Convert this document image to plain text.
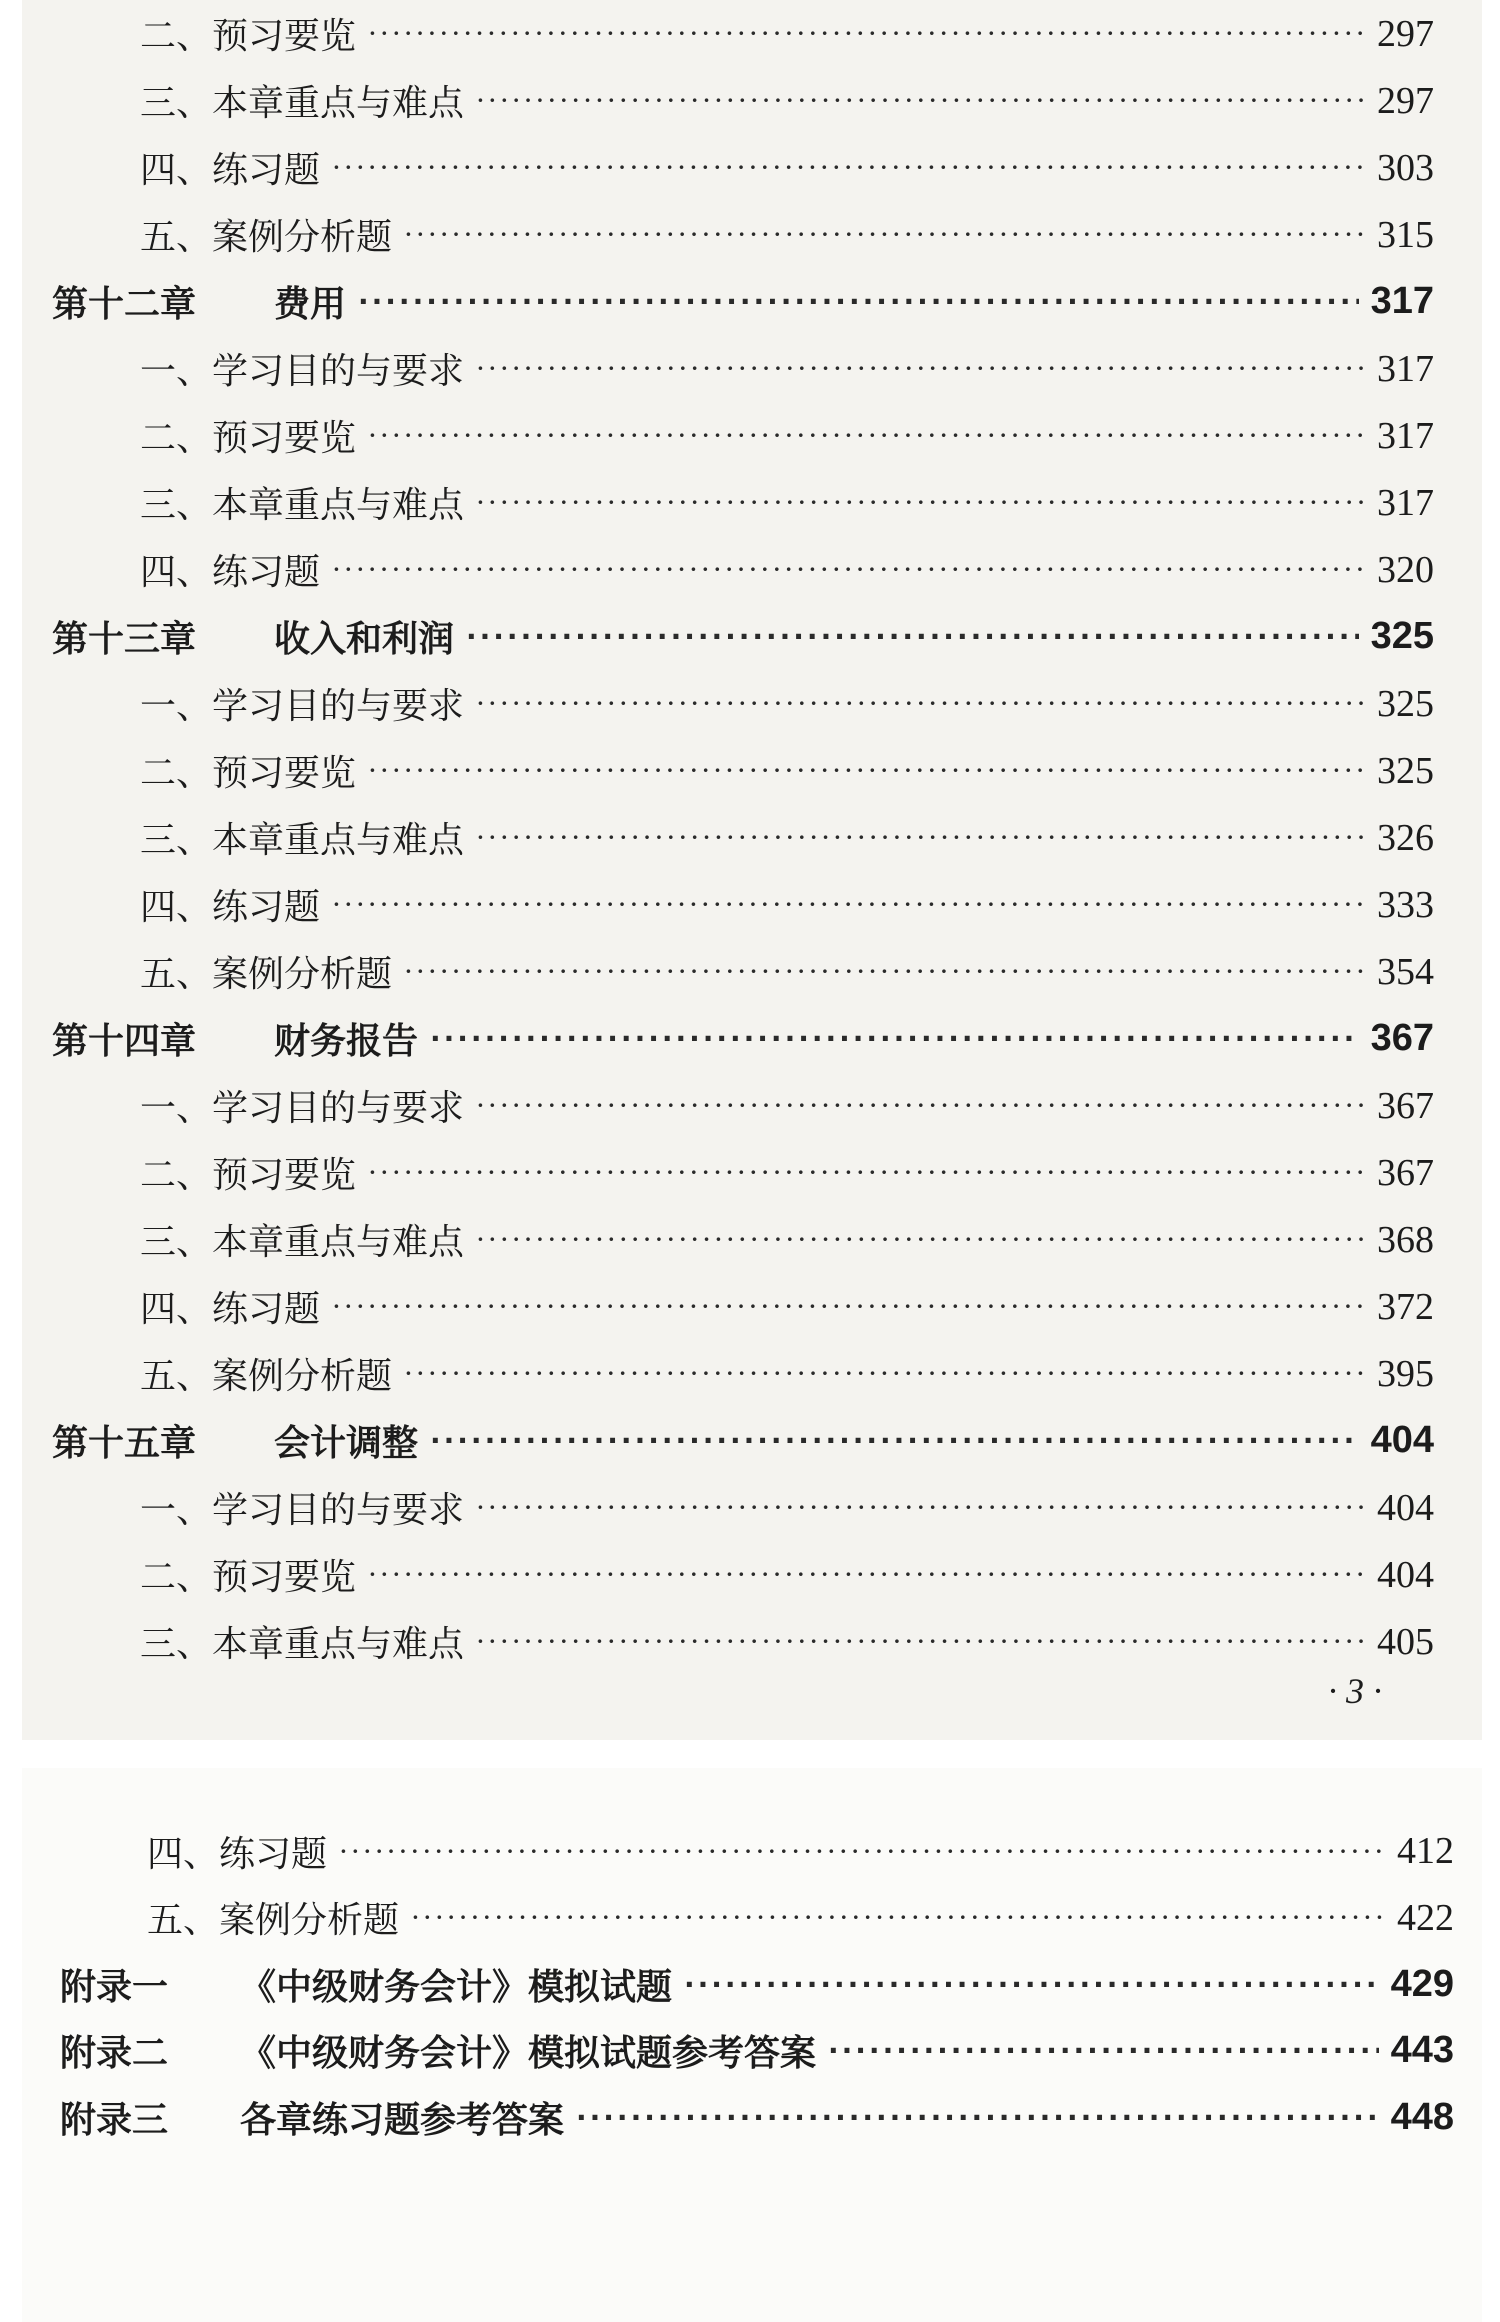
二、预习要览 ·····	297
三、本章重点与难点 ·····	297
四、练习题 ·····	303
五、案例分析题 ·····	315
第十二章 费用 ·····	317
一、学习目的与要求 ·····	317
二、预习要览 ·····	317
三、本章重点与难点 ·····	317
四、练习题 ·····	320
第十三章 收入和利润 ·····	325
一、学习目的与要求 ·····	325
二、预习要览 ·····	325
三、本章重点与难点 ·····	326
四、练习题 ·····	333
五、案例分析题 ·····	354
第十四章 财务报告 ·····	367
一、学习目的与要求 ·····	367
二、预习要览 ·····	367
三、本章重点与难点 ·····	368
四、练习题 ·····	372
五、案例分析题 ·····	395
第十五章 会计调整 ·····	404
一、学习目的与要求 ·····	404
二、预习要览 ·····	404
三、本章重点与难点 ·····	405
· 3 ·
四、练习题 ·····	412
五、案例分析题 ·····	422
附录一 《中级财务会计》模拟试题 ·····	429
附录二 《中级财务会计》模拟试题参考答案 ·····	443
附录三 各章练习题参考答案 ·····	448
